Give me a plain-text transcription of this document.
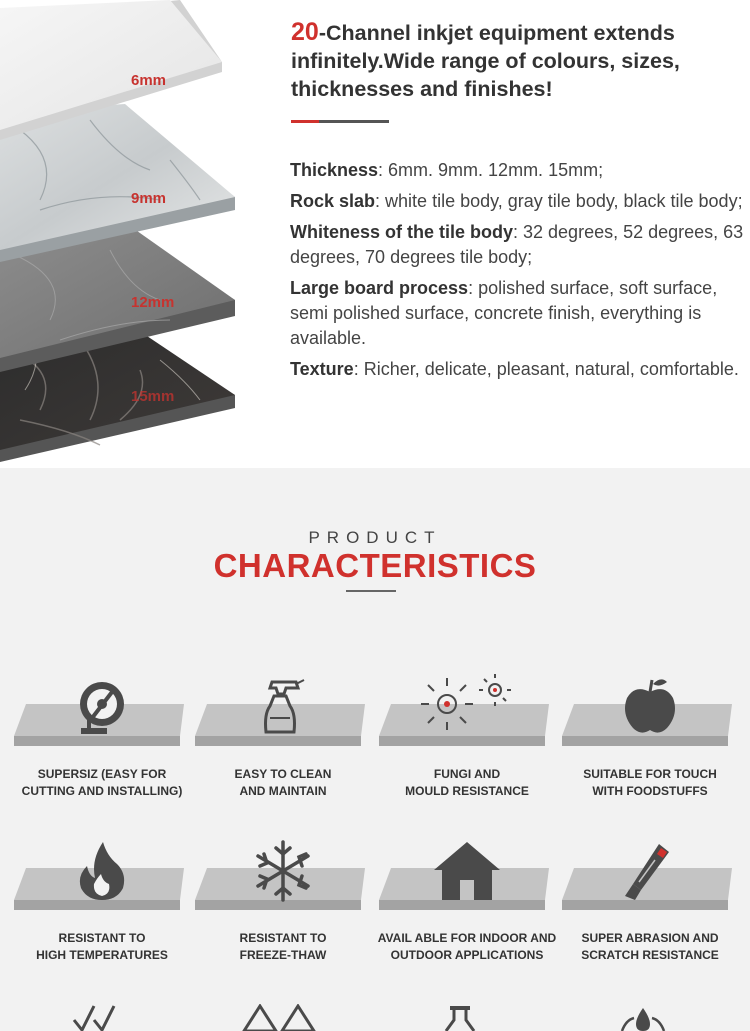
6mm
9mm
12mm
15mm
20-Channel inkjet equipment extends infinitely.Wide range of colours, sizes, thicknesses and finishes!
Thickness: 6mm. 9mm. 12mm. 15mm;
Rock slab: white tile body, gray tile body, black tile body;
Whiteness of the tile body: 32 degrees, 52 degrees, 63 degrees, 70 degrees tile body;
Large board process: polished surface, soft surface, semi polished surface, concrete finish, everything is available.
Texture: Richer, delicate, pleasant, natural, comfortable.
PRODUCT
CHARACTERISTICS
SUPERSIZ (EASY FOR
CUTTING AND INSTALLING)
EASY TO CLEAN
AND MAINTAIN
FUNGI AND
MOULD RESISTANCE
SUITABLE FOR TOUCH
WITH FOODSTUFFS
RESISTANT TO
HIGH TEMPERATURES
RESISTANT TO
FREEZE-THAW
AVAIL ABLE FOR INDOOR AND
OUTDOOR APPLICATIONS
SUPER ABRASION AND
SCRATCH RESISTANCE
